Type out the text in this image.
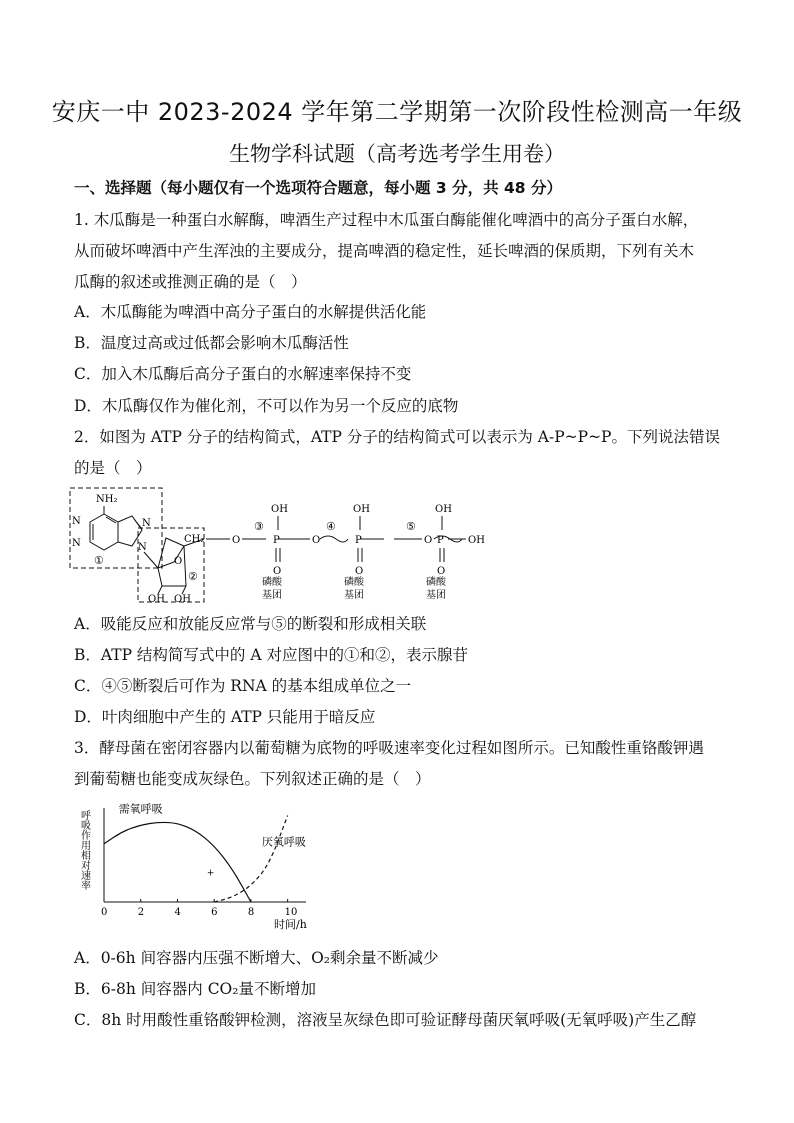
安庆一中 2023-2024 学年第二学期第一次阶段性检测高一年级
生物学科试题（高考选考学生用卷）
一、选择题（每小题仅有一个选项符合题意，每小题 3 分，共 48 分）
1. 木瓜酶是一种蛋白水解酶，啤酒生产过程中木瓜蛋白酶能催化啤酒中的高分子蛋白水解，
从而破坏啤酒中产生浑浊的主要成分，提高啤酒的稳定性，延长啤酒的保质期，下列有关木
瓜酶的叙述或推测正确的是（　）
A．木瓜酶能为啤酒中高分子蛋白的水解提供活化能
B．温度过高或过低都会影响木瓜酶活性
C．加入木瓜酶后高分子蛋白的水解速率保持不变
D．木瓜酶仅作为催化剂，不可以作为另一个反应的底物
2．如图为 ATP 分子的结构简式，ATP 分子的结构简式可以表示为 A-P~P~P。下列说法错误
的是（　）
NH₂
N
N
N
N
①	O
CH₂
OH OH
②
O
③
P
OH
O
O
④
P
OH
O
O
⑤
P
OH
O
OH
磷酸
基团
磷酸
基团
磷酸
基团
A．吸能反应和放能反应常与⑤的断裂和形成相关联
B．ATP 结构简写式中的 A 对应图中的①和②，表示腺苷
C．④⑤断裂后可作为 RNA 的基本组成单位之一
D．叶肉细胞中产生的 ATP 只能用于暗反应
3．酵母菌在密闭容器内以葡萄糖为底物的呼吸速率变化过程如图所示。已知酸性重铬酸钾遇
到葡萄糖也能变成灰绿色。下列叙述正确的是（　）
呼吸作用相对速率
时间/h
0	2	4	6	8	10
需氧呼吸
厌氧呼吸
+
A．0-6h 间容器内压强不断增大、O₂剩余量不断减少
B．6-8h 间容器内 CO₂量不断增加
C．8h 时用酸性重铬酸钾检测，溶液呈灰绿色即可验证酵母菌厌氧呼吸(无氧呼吸)产生乙醇
